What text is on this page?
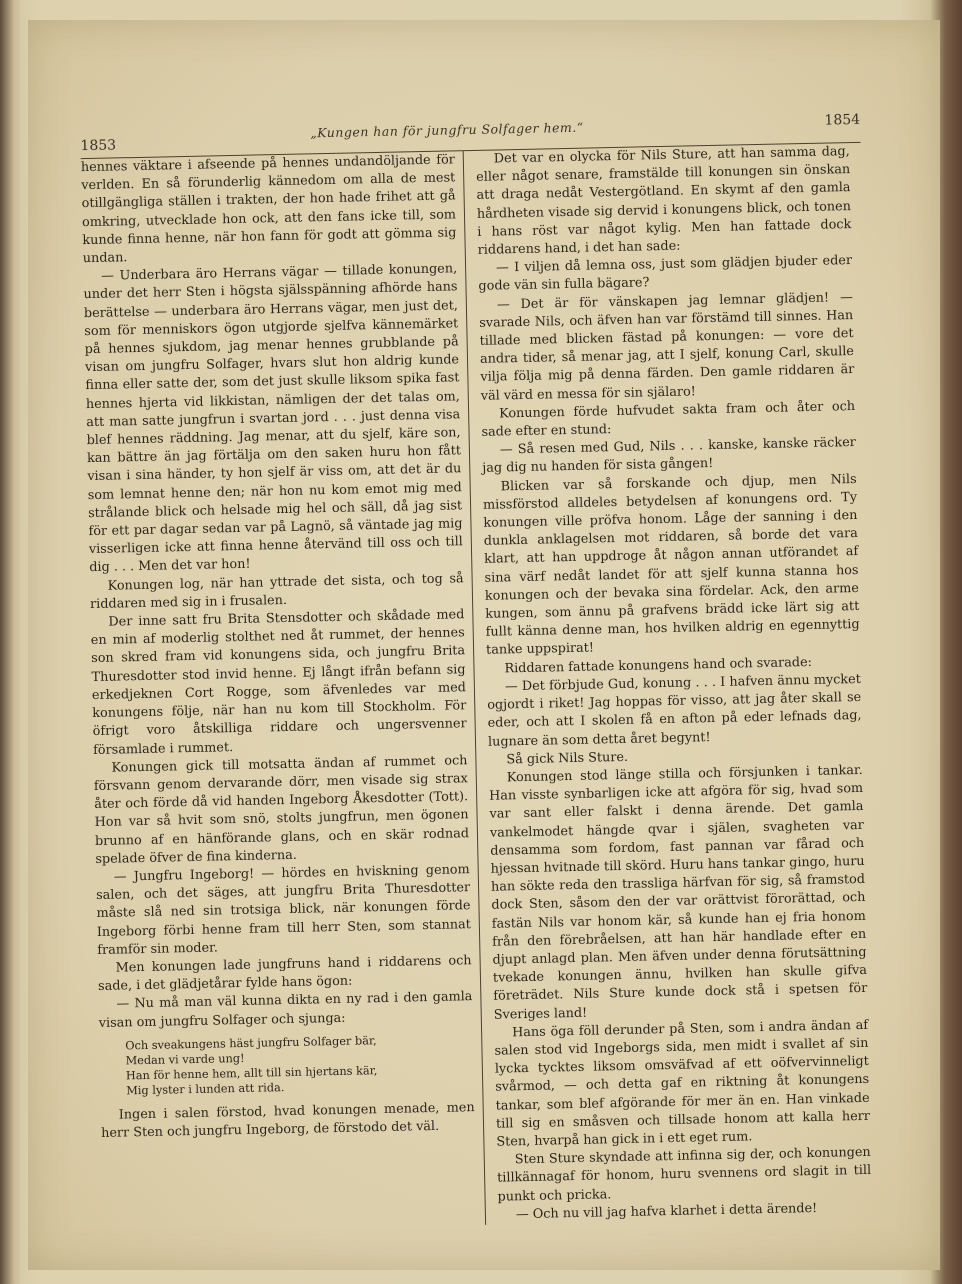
1853
„Kungen han för jungfru Solfager hem.“	1854

hennes väktare i afseende på hennes undandöljande för verlden. En så förunderlig kännedom om alla de mest otillgängliga ställen i trakten, der hon hade frihet att gå omkring, utvecklade hon ock, att den fans icke till, som kunde finna henne, när hon fann för godt att gömma sig undan.

— Underbara äro Herrans vägar — tillade konungen, under det herr Sten i högsta själsspänning afhörde hans berättelse — underbara äro Herrans vägar, men just det, som för menniskors ögon utgjorde sjelfva kännemärket på hennes sjukdom, jag menar hennes grubblande på visan om jungfru Solfager, hvars slut hon aldrig kunde finna eller satte der, som det just skulle liksom spika fast hennes hjerta vid likkistan, nämligen der det talas om, att man satte jungfrun i svartan jord . . . just denna visa blef hennes räddning. Jag menar, att du sjelf, käre son, kan bättre än jag förtälja om den saken huru hon fått visan i sina händer, ty hon sjelf är viss om, att det är du som lemnat henne den; när hon nu kom emot mig med strålande blick och helsade mig hel och säll, då jag sist för ett par dagar sedan var på Lagnö, så väntade jag mig visserligen icke att finna henne återvänd till oss och till dig . . . Men det var hon!

Konungen log, när han yttrade det sista, och tog så riddaren med sig in i frusalen.

Der inne satt fru Brita Stensdotter och skådade med en min af moderlig stolthet ned åt rummet, der hennes son skred fram vid konungens sida, och jungfru Brita Thuresdotter stod invid henne. Ej långt ifrån befann sig erkedjeknen Cort Rogge, som äfvenledes var med konungens följe, när han nu kom till Stockholm. För öfrigt voro åtskilliga riddare och ungersvenner församlade i rummet.

Konungen gick till motsatta ändan af rummet och försvann genom dervarande dörr, men visade sig strax åter och förde då vid handen Ingeborg Åkesdotter (Tott). Hon var så hvit som snö, stolts jungfrun, men ögonen brunno af en hänförande glans, och en skär rodnad spelade öfver de fina kinderna.

— Jungfru Ingeborg! — hördes en hviskning genom salen, och det säges, att jungfru Brita Thuresdotter måste slå ned sin trotsiga blick, när konungen förde Ingeborg förbi henne fram till herr Sten, som stannat framför sin moder.

Men konungen lade jungfruns hand i riddarens och sade, i det glädjetårar fylde hans ögon:

— Nu må man väl kunna dikta en ny rad i den gamla visan om jungfru Solfager och sjunga:

Och sveakungens häst jungfru Solfager bär,
Medan vi varde ung!
Han för henne hem, allt till sin hjertans kär,
Mig lyster i lunden att rida.

Ingen i salen förstod, hvad konungen menade, men herr Sten och jungfru Ingeborg, de förstodo det väl.

Det var en olycka för Nils Sture, att han samma dag, eller något senare, framstälde till konungen sin önskan att draga nedåt Vestergötland. En skymt af den gamla hårdheten visade sig dervid i konungens blick, och tonen i hans röst var något kylig. Men han fattade dock riddarens hand, i det han sade:

— I viljen då lemna oss, just som glädjen bjuder eder gode vän sin fulla bägare?

— Det är för vänskapen jag lemnar glädjen! — svarade Nils, och äfven han var förstämd till sinnes. Han tillade med blicken fästad på konungen: — vore det andra tider, så menar jag, att I sjelf, konung Carl, skulle vilja följa mig på denna färden. Den gamle riddaren är väl värd en messa för sin själaro!

Konungen förde hufvudet sakta fram och åter och sade efter en stund:

— Så resen med Gud, Nils . . . kanske, kanske räcker jag dig nu handen för sista gången!

Blicken var så forskande och djup, men Nils missförstod alldeles betydelsen af konungens ord. Ty konungen ville pröfva honom. Låge der sanning i den dunkla anklagelsen mot riddaren, så borde det vara klart, att han uppdroge åt någon annan utförandet af sina värf nedåt landet för att sjelf kunna stanna hos konungen och der bevaka sina fördelar. Ack, den arme kungen, som ännu på grafvens brädd icke lärt sig att fullt känna denne man, hos hvilken aldrig en egennyttig tanke uppspirat!

Riddaren fattade konungens hand och svarade:

— Det förbjude Gud, konung . . . I hafven ännu mycket ogjordt i riket! Jag hoppas för visso, att jag åter skall se eder, och att I skolen få en afton på eder lefnads dag, lugnare än som detta året begynt!

Så gick Nils Sture.

Konungen stod länge stilla och försjunken i tankar. Han visste synbarligen icke att afgöra för sig, hvad som var sant eller falskt i denna ärende. Det gamla vankelmodet hängde qvar i själen, svagheten var densamma som fordom, fast pannan var fårad och hjessan hvitnade till skörd. Huru hans tankar gingo, huru han sökte reda den trassliga härfvan för sig, så framstod dock Sten, såsom den der var orättvist förorättad, och fastän Nils var honom kär, så kunde han ej fria honom från den förebråelsen, att han här handlade efter en djupt anlagd plan. Men äfven under denna förutsättning tvekade konungen ännu, hvilken han skulle gifva företrädet. Nils Sture kunde dock stå i spetsen för Sveriges land!

Hans öga föll derunder på Sten, som i andra ändan af salen stod vid Ingeborgs sida, men midt i svallet af sin lycka tycktes liksom omsväfvad af ett oöfvervinneligt svårmod, — och detta gaf en riktning åt konungens tankar, som blef afgörande för mer än en. Han vinkade till sig en småsven och tillsade honom att kalla herr Sten, hvarpå han gick in i ett eget rum.

Sten Sture skyndade att infinna sig der, och konungen tillkännagaf för honom, huru svennens ord slagit in till punkt och pricka.

— Och nu vill jag hafva klarhet i detta ärende!
